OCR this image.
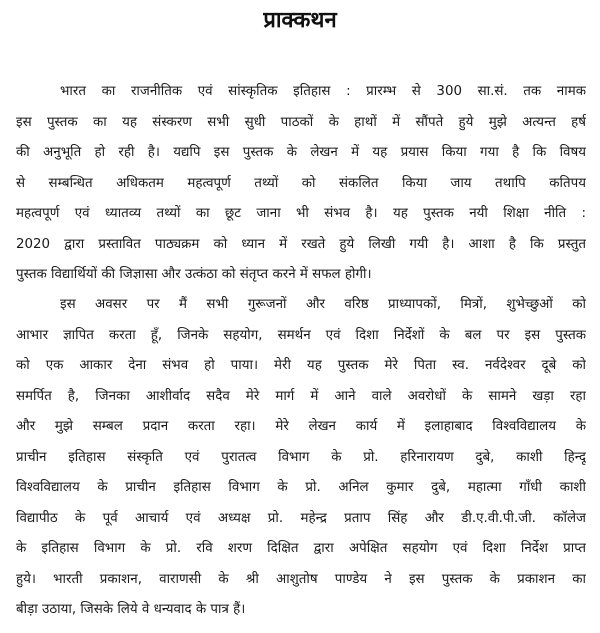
प्राक्कथन
भारत का राजनीतिक एवं सांस्कृतिक इतिहास : प्रारम्भ से 300 सा.सं. तक नामक
इस पुस्तक का यह संस्करण सभी सुधी पाठकों के हाथों में सौंपते हुये मुझे अत्यन्त हर्ष
की अनुभूति हो रही है। यद्यपि इस पुस्तक के लेखन में यह प्रयास किया गया है कि विषय
से सम्बन्धित अधिकतम महत्वपूर्ण तथ्यों को संकलित किया जाय तथापि कतिपय
महत्वपूर्ण एवं ध्यातव्य तथ्यों का छूट जाना भी संभव है। यह पुस्तक नयी शिक्षा नीति :
2020 द्वारा प्रस्तावित पाठ्यक्रम को ध्यान में रखते हुये लिखी गयी है। आशा है कि प्रस्तुत
पुस्तक विद्यार्थियों की जिज्ञासा और उत्कंठा को संतृप्त करने में सफल होगी।
इस अवसर पर मैं सभी गुरूजनों और वरिष्ठ प्राध्यापकों, मित्रों, शुभेच्छुओं को
आभार ज्ञापित करता हूँ, जिनके सहयोग, समर्थन एवं दिशा निर्देशों के बल पर इस पुस्तक
को एक आकार देना संभव हो पाया। मेरी यह पुस्तक मेरे पिता स्व. नर्वदेश्वर दूबे को
समर्पित है, जिनका आशीर्वाद सदैव मेरे मार्ग में आने वाले अवरोधों के सामने खड़ा रहा
और मुझे सम्बल प्रदान करता रहा। मेरे लेखन कार्य में इलाहाबाद विश्वविद्यालय के
प्राचीन इतिहास संस्कृति एवं पुरातत्व विभाग के प्रो. हरिनारायण दुबे, काशी हिन्दू
विश्वविद्यालय के प्राचीन इतिहास विभाग के प्रो. अनिल कुमार दुबे, महात्मा गाँधी काशी
विद्यापीठ के पूर्व आचार्य एवं अध्यक्ष प्रो. महेन्द्र प्रताप सिंह और डी.ए.वी.पी.जी. कॉलेज
के इतिहास विभाग के प्रो. रवि शरण दिक्षित द्वारा अपेक्षित सहयोग एवं दिशा निर्देश प्राप्त
हुये। भारती प्रकाशन, वाराणसी के श्री आशुतोष पाण्डेय ने इस पुस्तक के प्रकाशन का
बीड़ा उठाया, जिसके लिये वे धन्यवाद के पात्र हैं।
